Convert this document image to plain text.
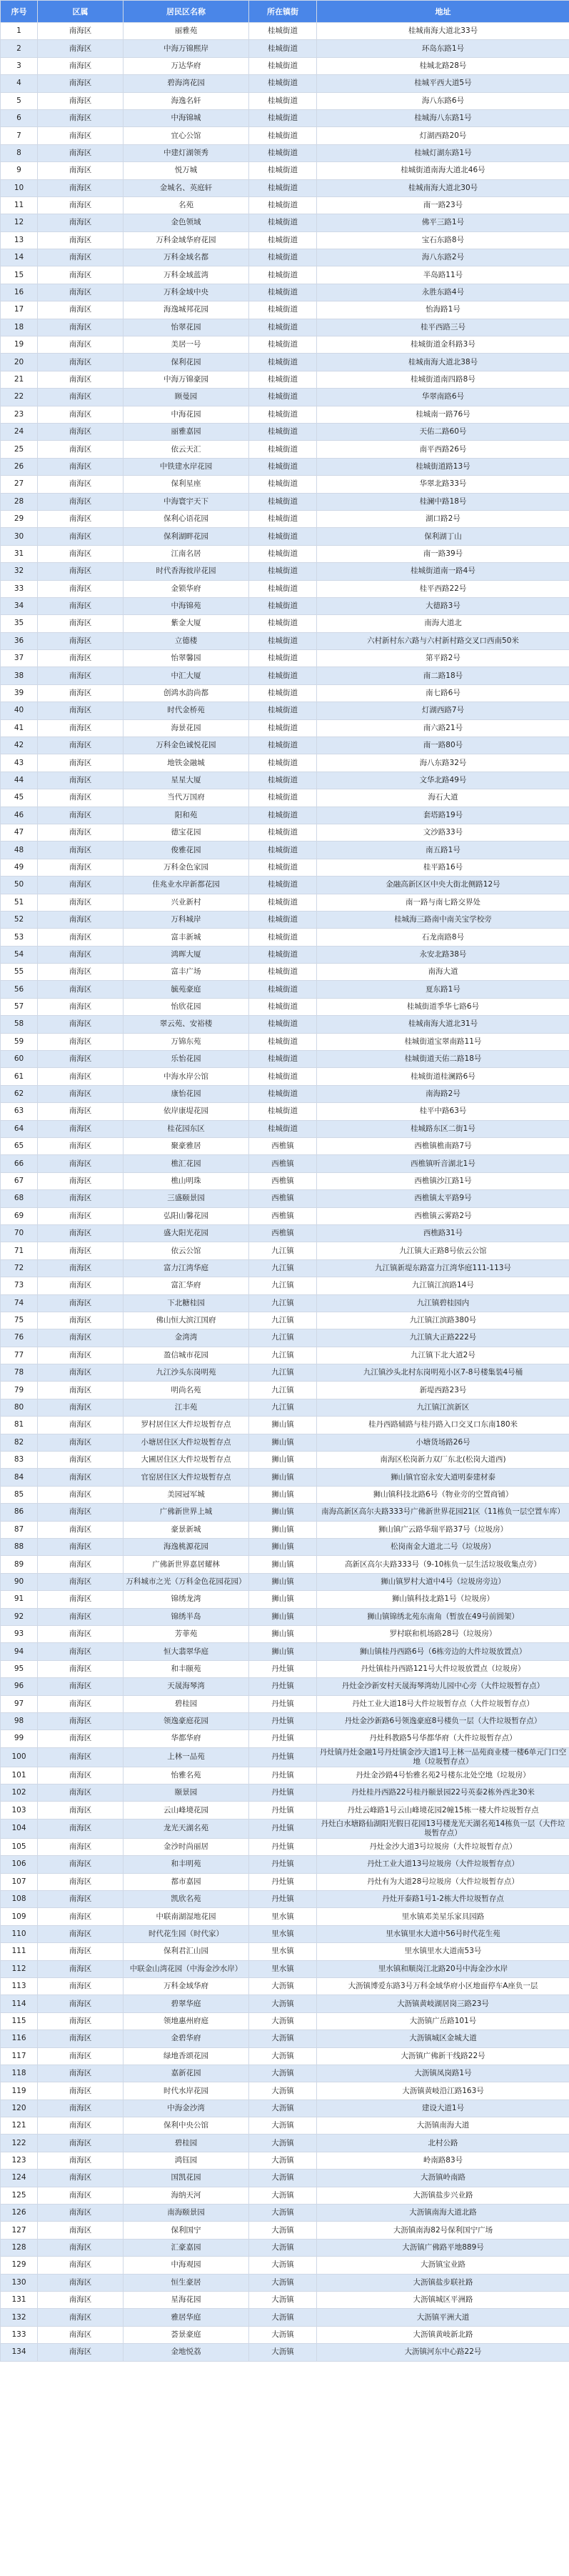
序号	区属	居民区名称	所在镇街	地址
1	南海区	丽雅苑	桂城街道	桂城南海大道北33号
2	南海区	中海万锦熙岸	桂城街道	环岛东路1号
3	南海区	万达华府	桂城街道	桂城北路28号
4	南海区	碧海湾花园	桂城街道	桂城平西大道5号
5	南海区	海逸名轩	桂城街道	海八东路6号
6	南海区	中海锦城	桂城街道	桂城海八东路1号
7	南海区	宜心公馆	桂城街道	灯湖西路20号
8	南海区	中建灯湖领秀	桂城街道	桂城灯湖东路1号
9	南海区	悦万城	桂城街道	桂城街道南海大道北46号
10	南海区	金城名、英庭轩	桂城街道	桂城南海大道北30号
11	南海区	名苑	桂城街道	南一路23号
12	南海区	金色领域	桂城街道	佛平三路1号
13	南海区	万科金域华府花园	桂城街道	宝石东路8号
14	南海区	万科金域名都	桂城街道	海八东路2号
15	南海区	万科金域蓝湾	桂城街道	半岛路11号
16	南海区	万科金域中央	桂城街道	永胜东路4号
17	南海区	海逸城邦花园	桂城街道	怡海路1号
18	南海区	怡翠花园	桂城街道	桂平西路三号
19	南海区	美居一号	桂城街道	桂城街道金科路3号
20	南海区	保利花园	桂城街道	桂城南海大道北38号
21	南海区	中海万锦豪园	桂城街道	桂城街道南四路8号
22	南海区	顾曼园	桂城街道	华翠南路6号
23	南海区	中海花园	桂城街道	桂城南一路76号
24	南海区	丽雅嘉园	桂城街道	天佑二路60号
25	南海区	依云天汇	桂城街道	南平西路26号
26	南海区	中铁建水岸花园	桂城街道	桂城街道路13号
27	南海区	保利星座	桂城街道	华翠北路33号
28	南海区	中海寰宇天下	桂城街道	桂澜中路18号
29	南海区	保利心语花园	桂城街道	湖口路2号
30	南海区	保利湖畔花园	桂城街道	保利湖丁山
31	南海区	江南名居	桂城街道	南一路39号
32	南海区	时代香海彼岸花园	桂城街道	桂城街道南一路4号
33	南海区	金锁华府	桂城街道	桂平西路22号
34	南海区	中海锦苑	桂城街道	大德路3号
35	南海区	紫金大厦	桂城街道	南海大道北
36	南海区	立德楼	桂城街道	六村新村东六路与六村新村路交叉口西南50米
37	南海区	怡翠馨园	桂城街道	第平路2号
38	南海区	中汇大厦	桂城街道	南二路18号
39	南海区	创鸿水韵尚都	桂城街道	南七路6号
40	南海区	时代金桥苑	桂城街道	灯湖西路7号
41	南海区	海景花园	桂城街道	南六路21号
42	南海区	万科金色诚悦花园	桂城街道	南一路80号
43	南海区	地铁金融城	桂城街道	海八东路32号
44	南海区	星星大厦	桂城街道	文华北路49号
45	南海区	当代万国府	桂城街道	海石大道
46	南海区	阳和苑	桂城街道	套塔路19号
47	南海区	德宝花园	桂城街道	文沙路33号
48	南海区	俊雅花园	桂城街道	南五路1号
49	南海区	万科金色家园	桂城街道	桂平路16号
50	南海区	佳兆业水岸新都花园	桂城街道	金融高新区区中央大街北侧路12号
51	南海区	兴业新村	桂城街道	南一路与南七路交界处
52	南海区	万科城岸	桂城街道	桂城海三路南中南关宝学校旁
53	南海区	富丰新城	桂城街道	石龙南路8号
54	南海区	鸿晖大厦	桂城街道	永安北路38号
55	南海区	富丰广场	桂城街道	南海大道
56	南海区	毓苑豪庭	桂城街道	夏东路1号
57	南海区	怡欣花园	桂城街道	桂城街道季华七路6号
58	南海区	翠云苑、安裕楼	桂城街道	桂城南海大道北31号
59	南海区	万锦东苑	桂城街道	桂城街道宝翠南路11号
60	南海区	乐怡花园	桂城街道	桂城街道天佑二路18号
61	南海区	中海水岸公馆	桂城街道	桂城街道桂澜路6号
62	南海区	康怡花园	桂城街道	南海路2号
63	南海区	依岸康堤花园	桂城街道	桂平中路63号
64	南海区	桂花园东区	桂城街道	桂城路东区二街1号
65	南海区	聚豪雅居	西樵镇	西樵镇樵南路7号
66	南海区	樵汇花园	西樵镇	西樵镇听音湖北1号
67	南海区	樵山明珠	西樵镇	西樵镇沙江路1号
68	南海区	三盛颐景园	西樵镇	西樵镇太平路9号
69	南海区	弘阳山馨花园	西樵镇	西樵镇云雾路2号
70	南海区	盛大阳光花园	西樵镇	西樵路31号
71	南海区	依云公馆	九江镇	九江镇大正路8号依云公馆
72	南海区	富力江湾华庭	九江镇	九江镇新堤东路富力江湾华庭111-113号
73	南海区	富汇华府	九江镇	九江镇江滨路14号
74	南海区	下北糖桂园	九江镇	九江镇碧桂园内
75	南海区	佛山恒大滨江国府	九江镇	九江镇江滨路380号
76	南海区	金湾湾	九江镇	九江镇大正路222号
77	南海区	盈信城市花园	九江镇	九江镇下北大道2号
78	南海区	九江沙头东岗明苑	九江镇	九江镇沙头北村东岗明苑小区7-8号楼集装4号桶
79	南海区	明尚名苑	九江镇	新堤西路23号
80	南海区	江丰苑	九江镇	九江镇江滨新区
81	南海区	罗村居住区大件垃圾暂存点	狮山镇	桂丹西路辅路与桂丹路入口交叉口东南180米
82	南海区	小塘居住区大件垃圾暂存点	狮山镇	小塘货场路26号
83	南海区	大圃居住区大件垃圾暂存点	狮山镇	南海区松岗新力双厂东北(松岗大道西)
84	南海区	官窑居住区大件垃圾暂存点	狮山镇	狮山镇官窑永安大道明泰建材泰
85	南海区	美园冠军城	狮山镇	狮山镇科技北路6号（物业旁的空置商铺）
86	南海区	广佛新世界上城	狮山镇	南海高新区高尔夫路333号广佛新世界花园21区（11栋负一层空置车库）
87	南海区	豪景新城	狮山镇	狮山镇广云路华瑞平路37号（垃圾房）
88	南海区	海逸桃源花园	狮山镇	松岗南金大道北二号（垃圾房）
89	南海区	广佛新世界嘉居耀林	狮山镇	高新区高尔夫路333号（9-10栋负一层生活垃圾收集点旁）
90	南海区	万科城市之光（万科金色花园花园）	狮山镇	狮山镇罗村大道中4号（垃圾房旁边）
91	南海区	锦绣龙湾	狮山镇	狮山镇科技北路1号（垃圾房）
92	南海区	锦绣半岛	狮山镇	狮山镇锦绣北苑东南角（暂放在49号前圆架）
93	南海区	芳菲苑	狮山镇	罗村联和机场路28号（垃圾房）
94	南海区	恒大翡翠华庭	狮山镇	狮山镇桂丹西路6号（6栋旁边的大件垃圾放置点）
95	南海区	和丰颐苑	丹灶镇	丹灶镇桂丹西路121号大件垃圾放置点（垃圾房）
96	南海区	天晟海琴湾	丹灶镇	丹灶金沙新安村天晟海琴湾幼儿园中心旁（大件垃圾暂存点）
97	南海区	碧桂园	丹灶镇	丹灶工业大道18号大件垃圾暂存点（大件垃圾暂存点）
98	南海区	领逸豪庭花园	丹灶镇	丹灶金沙新路6号领逸豪庭8号楼负一层（大件垃圾暂存点）
99	南海区	华都华府	丹灶镇	丹灶科教路5号华都华府（大件垃圾暂存点）
100	南海区	上林一品苑	丹灶镇	丹灶镇丹灶金融1号丹灶镇金沙大道1号上林一品苑商业楼一楼6单元门口空地（垃圾暂存点）
101	南海区	怡雅名苑	丹灶镇	丹灶金沙路4号怡雅名苑2号楼东北处空地（垃圾房）
102	南海区	颐景园	丹灶镇	丹灶桂丹西路22号桂丹颐景园22号英泰2栋外西北30米
103	南海区	云山峰境花园	丹灶镇	丹灶云峰路1号云山峰境花园2幢15栋一楼大件垃圾暂存点
104	南海区	龙光天湖名苑	丹灶镇	丹灶白水塘路仙湖阳光假日花园13号楼龙光天湖名苑14栋负一层（大件垃圾暂存点）
105	南海区	金沙时尚丽居	丹灶镇	丹灶金沙大道3号垃圾房（大件垃圾暂存点）
106	南海区	和丰明苑	丹灶镇	丹灶工业大道13号垃圾房（大件垃圾暂存点）
107	南海区	都市嘉园	丹灶镇	丹灶有为大道28号垃圾房（大件垃圾暂存点）
108	南海区	凯欣名苑	丹灶镇	丹灶开泰路1号1-2栋大件垃圾暂存点
109	南海区	中联南湖湿地花园	里水镇	里水镇邓美星乐家具园路
110	南海区	时代花生园（时代家）	里水镇	里水镇里水大道中56号时代花生苑
111	南海区	保利君汇山园	里水镇	里水镇里水大道南53号
112	南海区	中联金山湾花园（中海金沙水岸）	里水镇	里水镇和顺岗江北路20号中海金沙水岸
113	南海区	万科金域华府	大沥镇	大沥镇博爱东路3号万科金域华府小区地面停车A座负一层
114	南海区	碧翠华庭	大沥镇	大沥镇黄岐湖居岗三路23号
115	南海区	领地惠州府庭	大沥镇	大沥镇广岳路101号
116	南海区	金碧华府	大沥镇	大沥镇城区金城大道
117	南海区	绿地香颂花园	大沥镇	大沥镇广佛新干线路22号
118	南海区	嘉新花园	大沥镇	大沥镇凤岗路1号
119	南海区	时代水岸花园	大沥镇	大沥镇黄岐沿江路163号
120	南海区	中海金沙湾	大沥镇	建设大道1号
121	南海区	保利中央公馆	大沥镇	大沥镇南海大道
122	南海区	碧桂园	大沥镇	北村公路
123	南海区	鸿钰园	大沥镇	岭南路83号
124	南海区	国凯花园	大沥镇	大沥镇岭南路
125	南海区	海纳天河	大沥镇	大沥镇盐步兴业路
126	南海区	南海颐景园	大沥镇	大沥镇南海大道北路
127	南海区	保利国宁	大沥镇	大沥镇南海82号保利国宁广场
128	南海区	汇豪嘉园	大沥镇	大沥镇广佛路平地889号
129	南海区	中海观园	大沥镇	大沥镇宝业路
130	南海区	恒生豪居	大沥镇	大沥镇盐步联社路
131	南海区	星海花园	大沥镇	大沥镇城区平洲路
132	南海区	雅居华庭	大沥镇	大沥镇平洲大道
133	南海区	荟景豪庭	大沥镇	大沥镇黄岐新北路
134	南海区	金地悦荔	大沥镇	大沥镇河东中心路22号
